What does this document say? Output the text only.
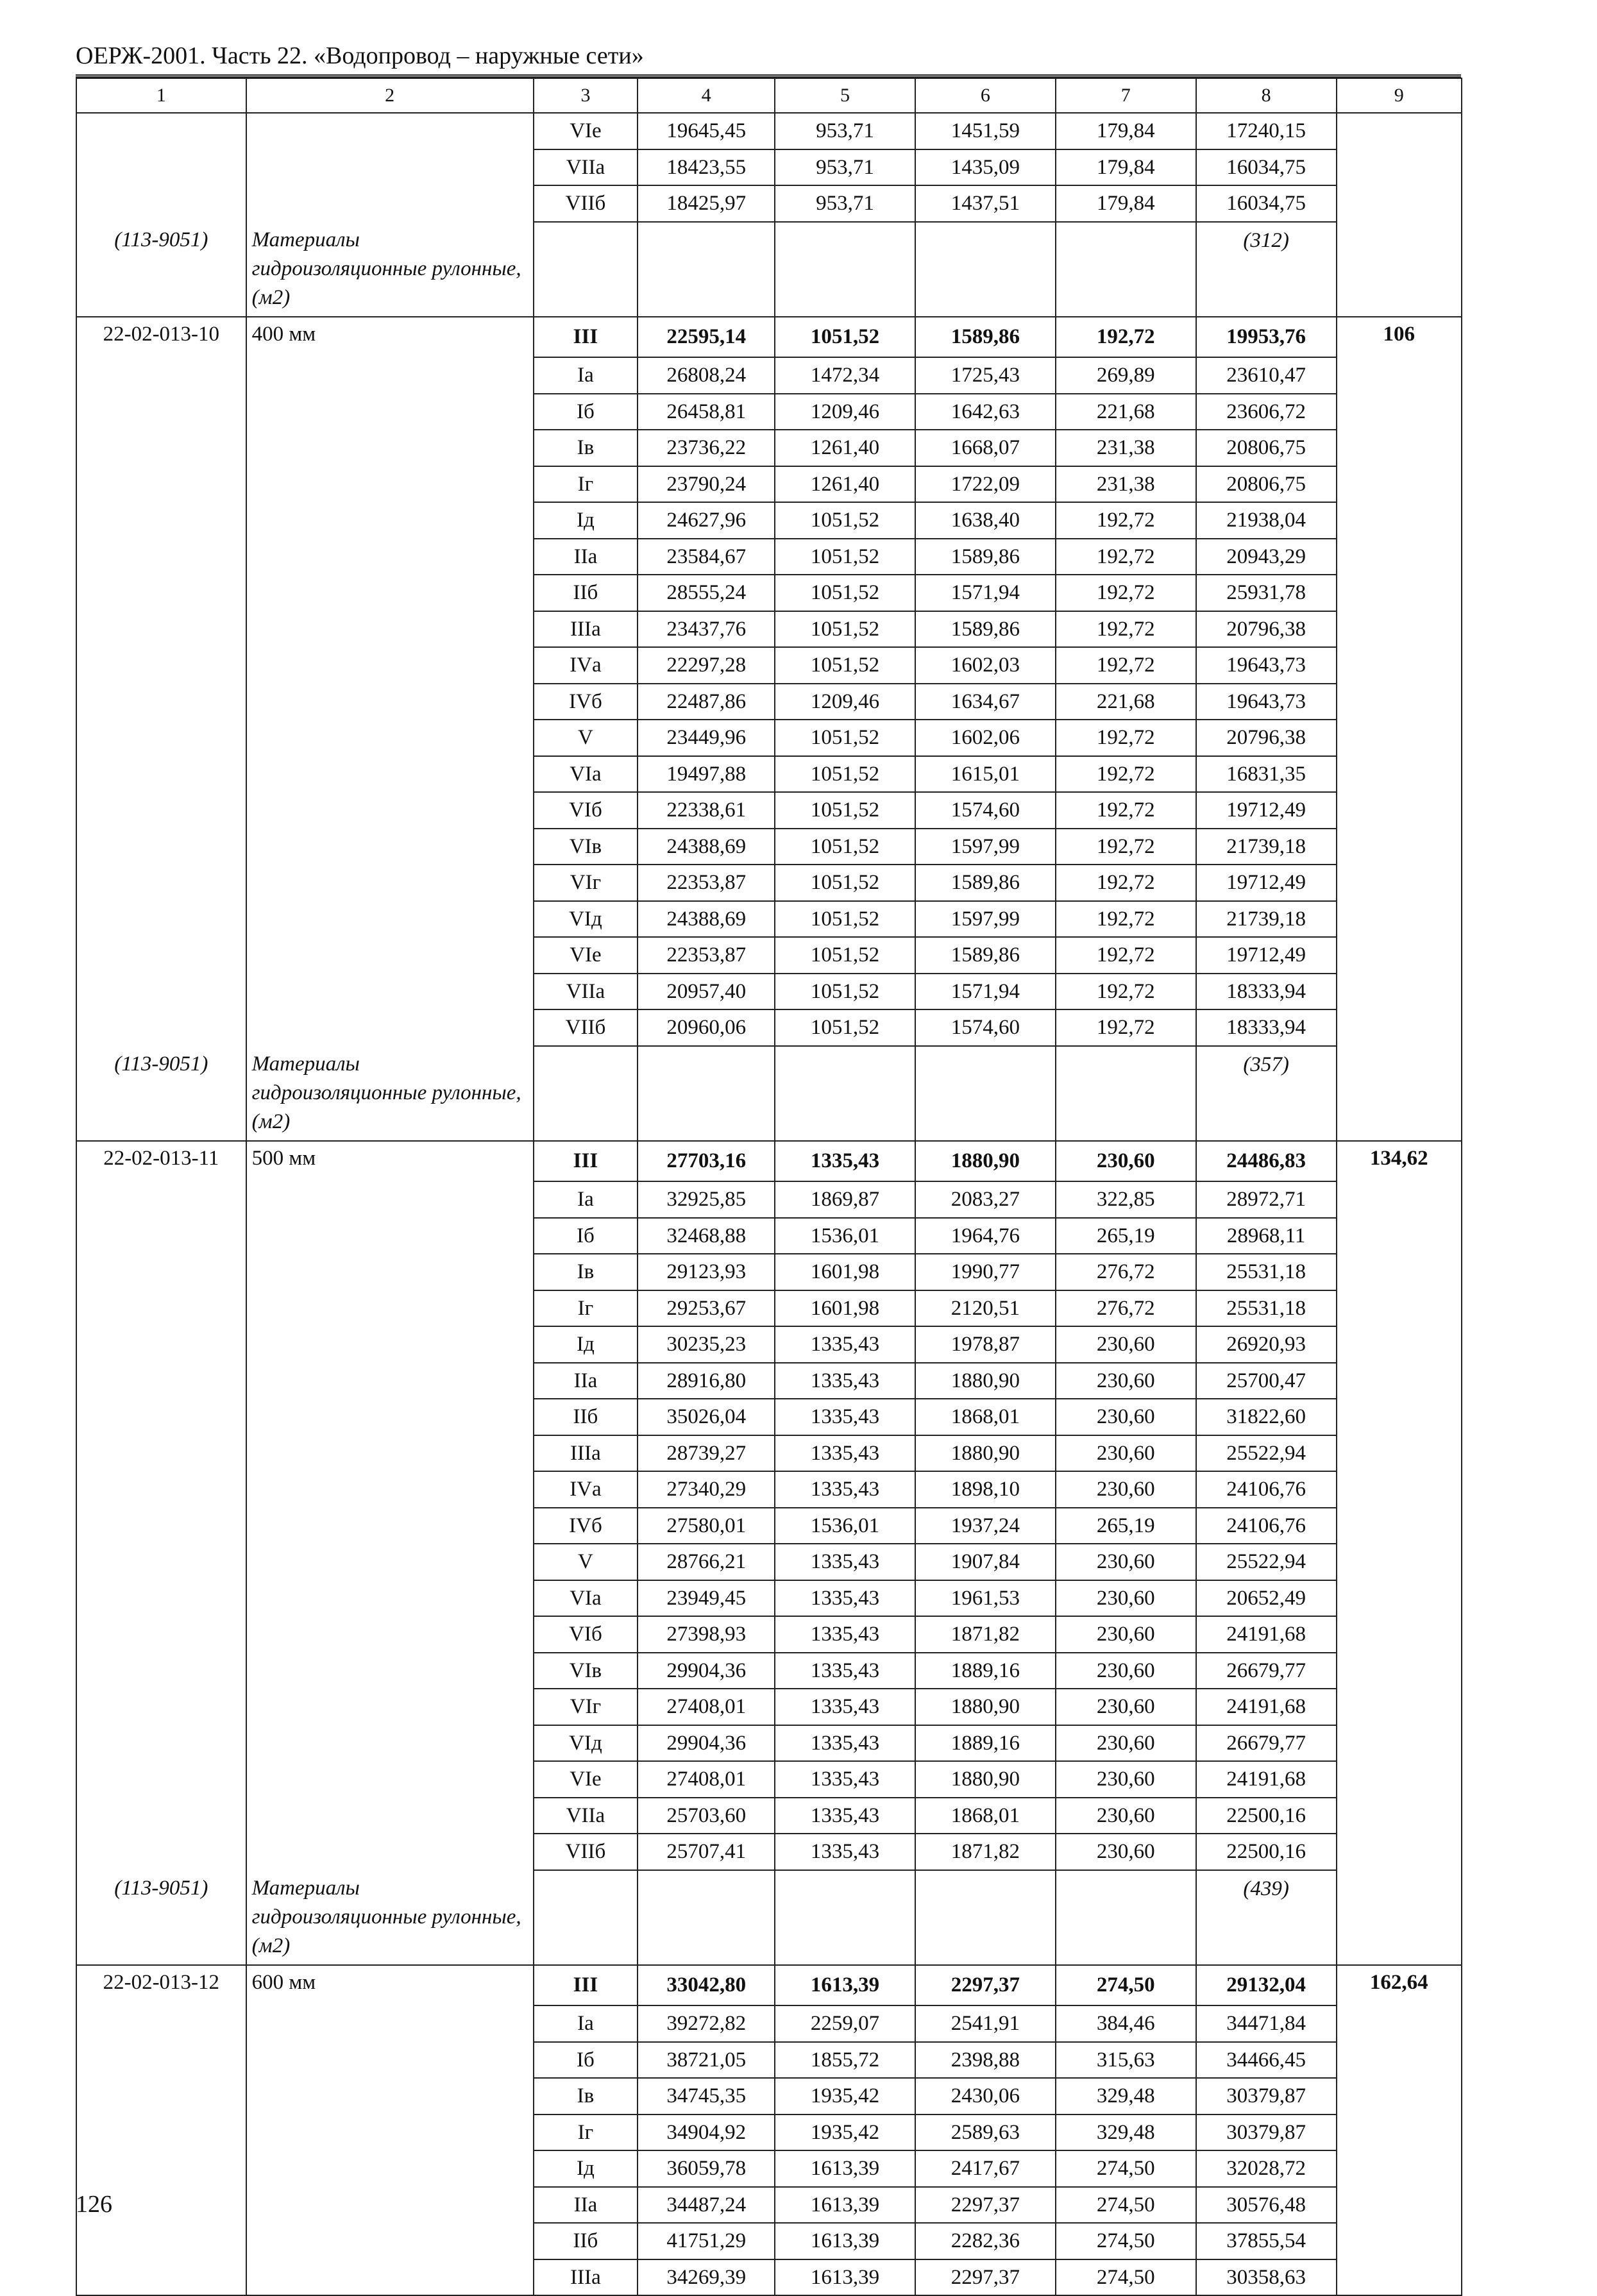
ОЕРЖ-2001. Часть 22. «Водопровод – наружные сети»
1	2	3	4	5	6	7	8	9
		VIе	19645,45	953,71	1451,59	179,84	17240,15	
		VIIа	18423,55	953,71	1435,09	179,84	16034,75	
		VIIб	18425,97	953,71	1437,51	179,84	16034,75	
(113-9051)	Материалы гидроизоляционные рулонные, (м2)						(312)	
22-02-013-10	400 мм	III	22595,14	1051,52	1589,86	192,72	19953,76	106
		Iа	26808,24	1472,34	1725,43	269,89	23610,47	
		Iб	26458,81	1209,46	1642,63	221,68	23606,72	
		Iв	23736,22	1261,40	1668,07	231,38	20806,75	
		Iг	23790,24	1261,40	1722,09	231,38	20806,75	
		Iд	24627,96	1051,52	1638,40	192,72	21938,04	
		IIа	23584,67	1051,52	1589,86	192,72	20943,29	
		IIб	28555,24	1051,52	1571,94	192,72	25931,78	
		IIIа	23437,76	1051,52	1589,86	192,72	20796,38	
		IVа	22297,28	1051,52	1602,03	192,72	19643,73	
		IVб	22487,86	1209,46	1634,67	221,68	19643,73	
		V	23449,96	1051,52	1602,06	192,72	20796,38	
		VIа	19497,88	1051,52	1615,01	192,72	16831,35	
		VIб	22338,61	1051,52	1574,60	192,72	19712,49	
		VIв	24388,69	1051,52	1597,99	192,72	21739,18	
		VIг	22353,87	1051,52	1589,86	192,72	19712,49	
		VIд	24388,69	1051,52	1597,99	192,72	21739,18	
		VIе	22353,87	1051,52	1589,86	192,72	19712,49	
		VIIа	20957,40	1051,52	1571,94	192,72	18333,94	
		VIIб	20960,06	1051,52	1574,60	192,72	18333,94	
(113-9051)	Материалы гидроизоляционные рулонные, (м2)						(357)	
22-02-013-11	500 мм	III	27703,16	1335,43	1880,90	230,60	24486,83	134,62
		Iа	32925,85	1869,87	2083,27	322,85	28972,71	
		Iб	32468,88	1536,01	1964,76	265,19	28968,11	
		Iв	29123,93	1601,98	1990,77	276,72	25531,18	
		Iг	29253,67	1601,98	2120,51	276,72	25531,18	
		Iд	30235,23	1335,43	1978,87	230,60	26920,93	
		IIа	28916,80	1335,43	1880,90	230,60	25700,47	
		IIб	35026,04	1335,43	1868,01	230,60	31822,60	
		IIIа	28739,27	1335,43	1880,90	230,60	25522,94	
		IVа	27340,29	1335,43	1898,10	230,60	24106,76	
		IVб	27580,01	1536,01	1937,24	265,19	24106,76	
		V	28766,21	1335,43	1907,84	230,60	25522,94	
		VIа	23949,45	1335,43	1961,53	230,60	20652,49	
		VIб	27398,93	1335,43	1871,82	230,60	24191,68	
		VIв	29904,36	1335,43	1889,16	230,60	26679,77	
		VIг	27408,01	1335,43	1880,90	230,60	24191,68	
		VIд	29904,36	1335,43	1889,16	230,60	26679,77	
		VIе	27408,01	1335,43	1880,90	230,60	24191,68	
		VIIа	25703,60	1335,43	1868,01	230,60	22500,16	
		VIIб	25707,41	1335,43	1871,82	230,60	22500,16	
(113-9051)	Материалы гидроизоляционные рулонные, (м2)						(439)	
22-02-013-12	600 мм	III	33042,80	1613,39	2297,37	274,50	29132,04	162,64
		Iа	39272,82	2259,07	2541,91	384,46	34471,84	
		Iб	38721,05	1855,72	2398,88	315,63	34466,45	
		Iв	34745,35	1935,42	2430,06	329,48	30379,87	
		Iг	34904,92	1935,42	2589,63	329,48	30379,87	
		Iд	36059,78	1613,39	2417,67	274,50	32028,72	
		IIа	34487,24	1613,39	2297,37	274,50	30576,48	
		IIб	41751,29	1613,39	2282,36	274,50	37855,54	
		IIIа	34269,39	1613,39	2297,37	274,50	30358,63	
126
